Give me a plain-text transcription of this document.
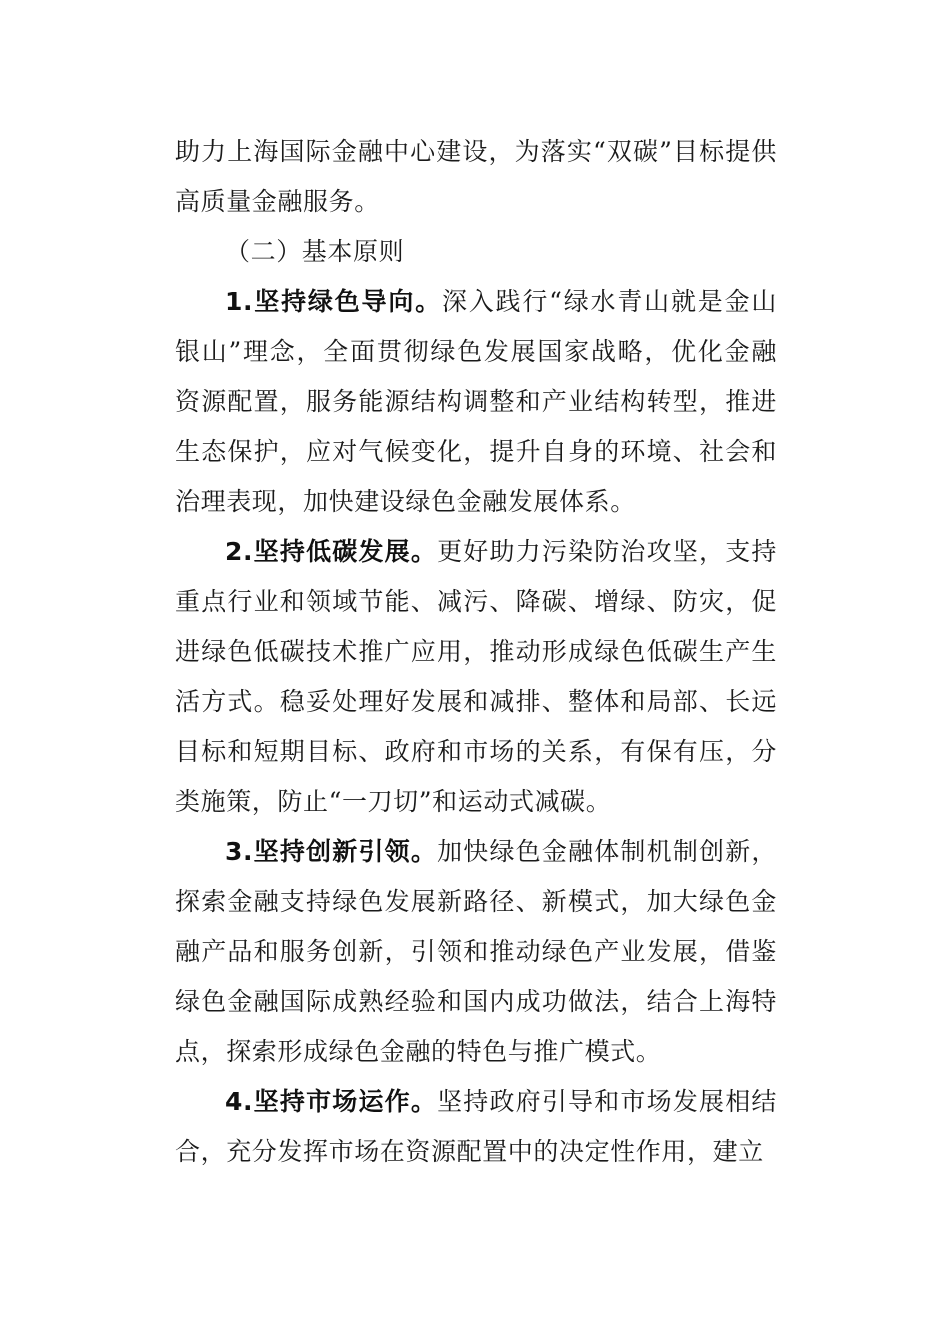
助力上海国际金融中心建设，为落实“双碳”目标提供高质量金融服务。

（二）基本原则

1.坚持绿色导向。深入践行“绿水青山就是金山银山”理念，全面贯彻绿色发展国家战略，优化金融资源配置，服务能源结构调整和产业结构转型，推进生态保护，应对气候变化，提升自身的环境、社会和治理表现，加快建设绿色金融发展体系。

2.坚持低碳发展。更好助力污染防治攻坚，支持重点行业和领域节能、减污、降碳、增绿、防灾，促进绿色低碳技术推广应用，推动形成绿色低碳生产生活方式。稳妥处理好发展和减排、整体和局部、长远目标和短期目标、政府和市场的关系，有保有压，分类施策，防止“一刀切”和运动式减碳。

3.坚持创新引领。加快绿色金融体制机制创新，探索金融支持绿色发展新路径、新模式，加大绿色金融产品和服务创新，引领和推动绿色产业发展，借鉴绿色金融国际成熟经验和国内成功做法，结合上海特点，探索形成绿色金融的特色与推广模式。

4.坚持市场运作。坚持政府引导和市场发展相结合，充分发挥市场在资源配置中的决定性作用，建立
